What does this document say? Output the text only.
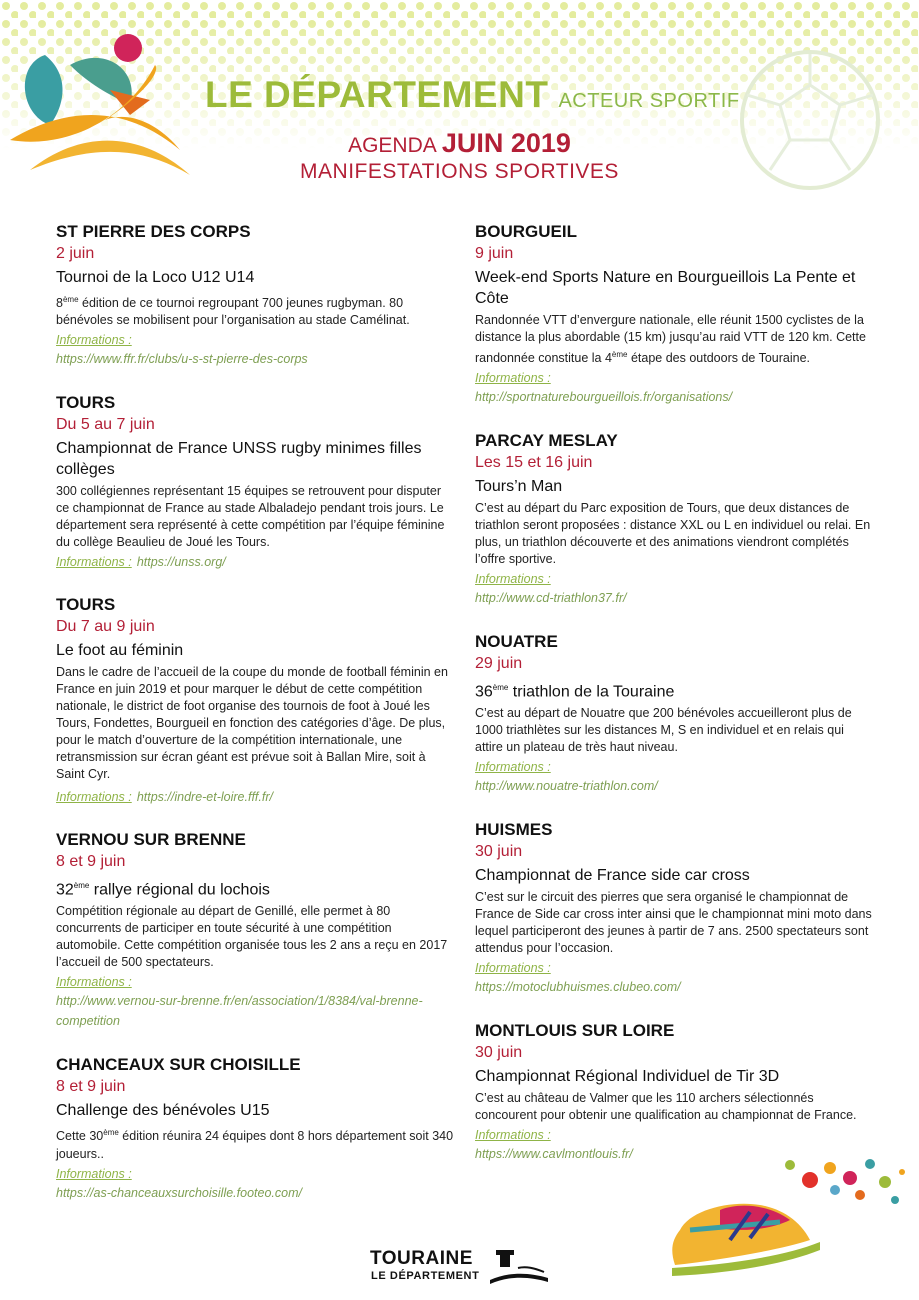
LE DÉPARTEMENT ACTEUR SPORTIF
AGENDA JUIN 2019
MANIFESTATIONS SPORTIVES
ST PIERRE DES CORPS
2 juin
Tournoi de la Loco U12 U14

8ème édition de ce tournoi regroupant 700 jeunes rugbyman. 80 bénévoles se mobilisent pour l’organisation au stade Camélinat.

Informations :
https://www.ffr.fr/clubs/u-s-st-pierre-des-corps
TOURS
Du 5 au 7 juin
Championnat de France UNSS rugby minimes filles collèges

300 collégiennes représentant 15 équipes se retrouvent pour disputer ce championnat de France au stade Albaladejo pendant trois jours. Le département sera représenté à cette compétition par l’équipe féminine du collège Beaulieu de Joué les Tours.

Informations : https://unss.org/
TOURS
Du 7 au 9 juin
Le foot au féminin

Dans le cadre de l’accueil de la coupe du monde de football féminin en France en juin 2019 et pour marquer le début de cette compétition nationale, le district de foot organise des tournois de foot à Joué les Tours, Fondettes, Bourgueil en fonction des catégories d’âge. De plus, pour le match d’ouverture de la compétition internationale, une retransmission sur écran géant est prévue soit à Ballan Mire, soit à Saint Cyr.

Informations : https://indre-et-loire.fff.fr/
VERNOU SUR BRENNE
8 et 9 juin
32ème rallye régional du lochois

Compétition régionale au départ de Genillé, elle permet à 80 concurrents de participer en toute sécurité à une compétition automobile. Cette compétition organisée tous les 2 ans a reçu en 2017 l’accueil de 500 spectateurs.

Informations :
http://www.vernou-sur-brenne.fr/en/association/1/8384/val-brenne-competition
CHANCEAUX SUR CHOISILLE
8 et 9 juin
Challenge des bénévoles U15

Cette 30ème édition réunira 24 équipes dont 8 hors département soit 340 joueurs..

Informations :
https://as-chanceauxsurchoisille.footeo.com/
BOURGUEIL
9 juin
Week-end Sports Nature en Bourgueillois La Pente et Côte

Randonnée VTT d’envergure nationale, elle réunit 1500 cyclistes de la distance la plus abordable (15 km) jusqu’au raid VTT de 120 km. Cette randonnée constitue la 4ème étape des outdoors de Touraine.

Informations :
http://sportnaturebourgueillois.fr/organisations/
PARCAY MESLAY
Les 15 et 16 juin
Tours’n Man

C’est au départ du Parc exposition de Tours, que deux distances de triathlon seront proposées : distance XXL ou L en individuel ou relai. En plus, un triathlon découverte et des animations viendront complétés l’offre sportive.

Informations :
http://www.cd-triathlon37.fr/
NOUATRE
29 juin
36ème triathlon de la Touraine

C’est au départ de Nouatre que 200 bénévoles accueilleront plus de 1000 triathlètes sur les distances M, S en individuel et en relais qui attire un plateau de très haut niveau.

Informations :
http://www.nouatre-triathlon.com/
HUISMES
30 juin
Championnat de France side car cross

C’est sur le circuit des pierres que sera organisé le championnat de France de Side car cross inter ainsi que le championnat mini moto dans lequel participeront des jeunes à partir de 7 ans. 2500 spectateurs sont attendus pour l’occasion.

Informations :
https://motoclubhuismes.clubeo.com/
MONTLOUIS SUR LOIRE
30 juin
Championnat Régional Individuel de Tir 3D

C’est au château de Valmer que les 110 archers sélectionnés concourent pour obtenir une qualification au championnat de France.

Informations :
https://www.cavlmontlouis.fr/
TOURAINE
LE DÉPARTEMENT
